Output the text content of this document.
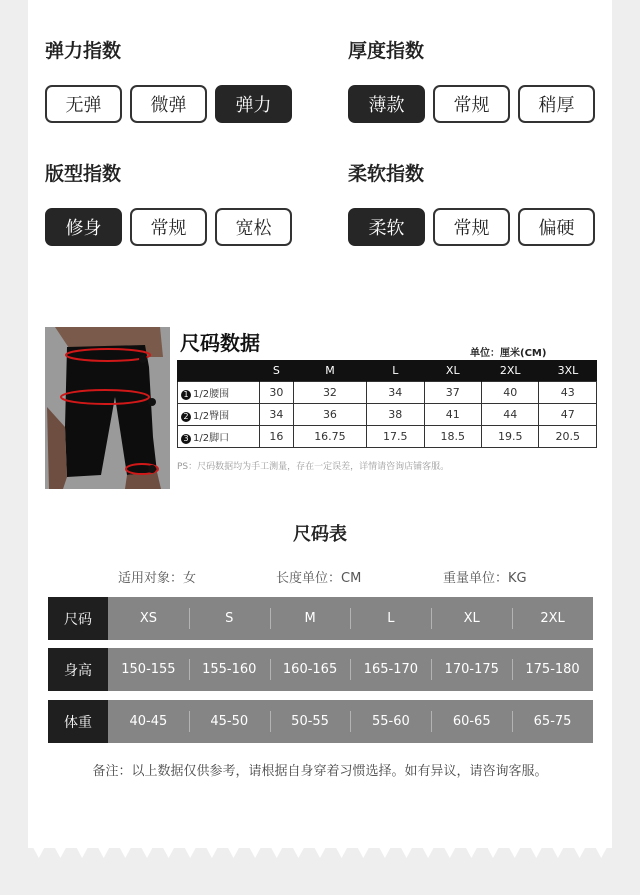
弹力指数
无弹	微弹	弹力
厚度指数
薄款	常规	稍厚
版型指数
修身	常规	宽松
柔软指数
柔软	常规	偏硬
尺码数据	单位：厘米(CM)
	S	M	L	XL	2XL	3XL
1 1/2腰围	30	32	34	37	40	43
2 1/2臀围	34	36	38	41	44	47
3 1/2脚口	16	16.75	17.5	18.5	19.5	20.5
PS：尺码数据均为手工测量，存在一定误差，详情请咨询店铺客服。
尺码表
适用对象：女	长度单位：CM	重量单位：KG
尺码	XS	S	M	L	XL	2XL
身高	150-155	155-160	160-165	165-170	170-175	175-180
体重	40-45	45-50	50-55	55-60	60-65	65-75
备注：以上数据仅供参考，请根据自身穿着习惯选择。如有异议，请咨询客服。
